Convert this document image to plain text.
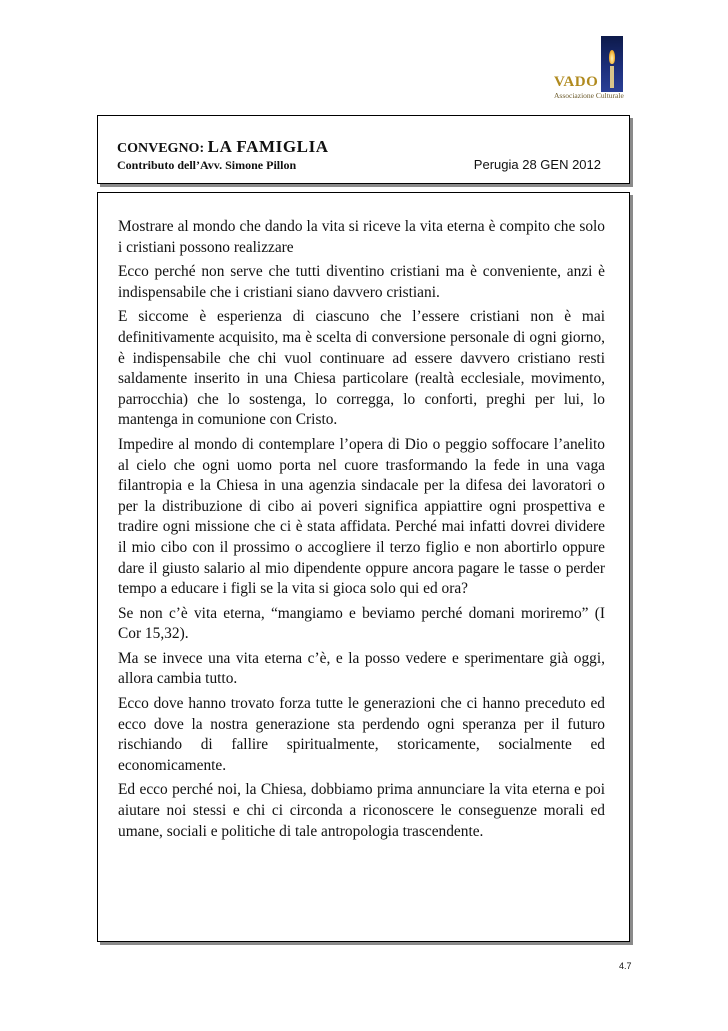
VADO
Associazione Culturale
CONVEGNO: LA FAMIGLIA
Contributo dell’Avv. Simone Pillon	Perugia 28 GEN 2012

Mostrare al mondo che dando la vita si riceve la vita eterna è compito che solo i cristiani possono realizzare

Ecco perché non serve che tutti diventino cristiani ma è conveniente, anzi è indispensabile che i cristiani siano davvero cristiani.

E siccome è esperienza di ciascuno che l’essere cristiani non è mai definitivamente acquisito, ma è scelta di conversione personale di ogni giorno, è indispensabile che chi vuol continuare ad essere davvero cristiano resti saldamente inserito in una Chiesa particolare (realtà ecclesiale, movimento, parrocchia) che lo sostenga, lo corregga, lo conforti, preghi per lui, lo mantenga in comunione con Cristo.

Impedire al mondo di contemplare l’opera di Dio o peggio soffocare l’anelito al cielo che ogni uomo porta nel cuore trasformando la fede in una vaga filantropia e la Chiesa in una agenzia sindacale per la difesa dei lavoratori o per la distribuzione di cibo ai poveri significa appiattire ogni prospettiva e tradire ogni missione che ci è stata affidata. Perché mai infatti dovrei dividere il mio cibo con il prossimo o accogliere il terzo figlio e non abortirlo oppure dare il giusto salario al mio dipendente oppure ancora pagare le tasse o perder tempo a educare i figli se la vita si gioca solo qui ed ora?

Se non c’è vita eterna, “mangiamo e beviamo perché domani moriremo” (I Cor 15,32).

Ma se invece una vita eterna c’è, e la posso vedere e sperimentare già oggi, allora cambia tutto.

Ecco dove hanno trovato forza tutte le generazioni che ci hanno preceduto ed ecco dove la nostra generazione sta perdendo ogni speranza per il futuro rischiando di fallire spiritualmente, storicamente, socialmente ed economicamente.

Ed ecco perché noi, la Chiesa, dobbiamo prima annunciare la vita eterna e poi aiutare noi stessi e chi ci circonda a riconoscere le conseguenze morali ed umane, sociali e politiche di tale antropologia trascendente.

4.7
